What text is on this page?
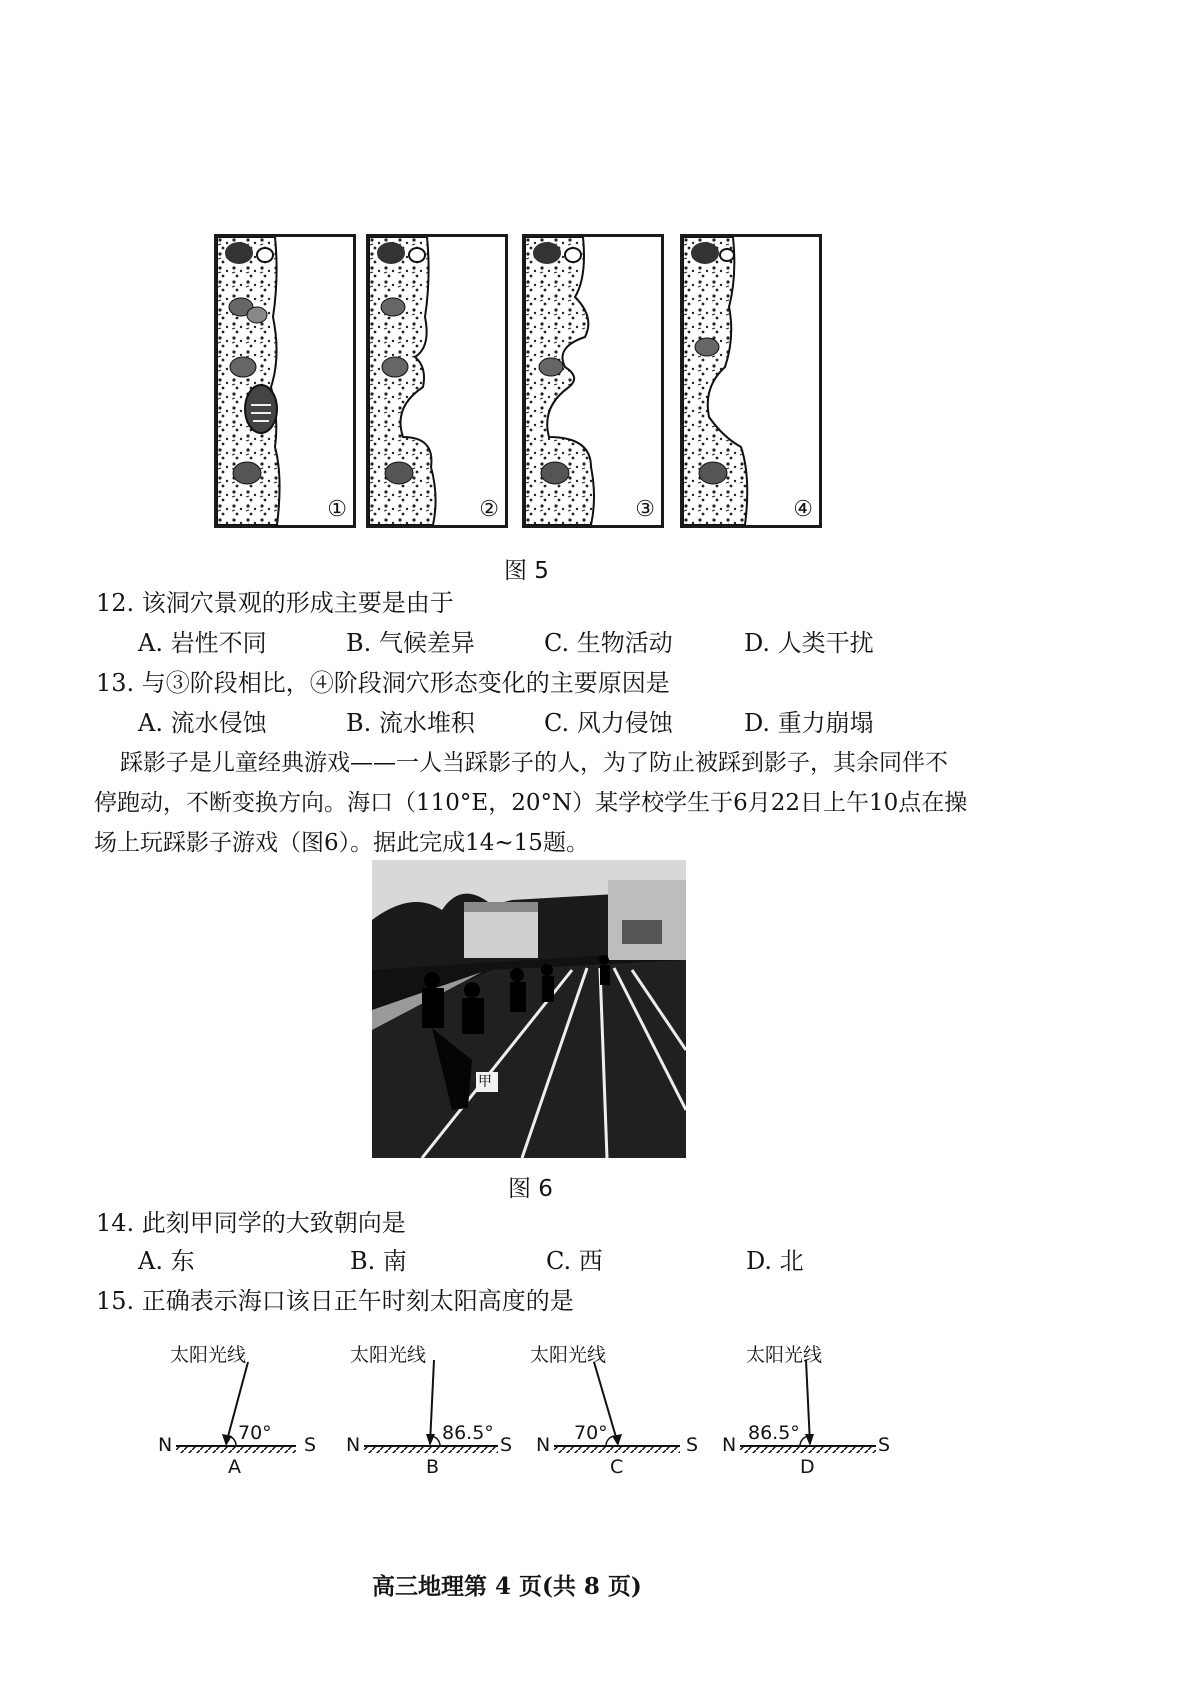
①	②	③	④
图 5
12. 该洞穴景观的形成主要是由于
A. 岩性不同	B. 气候差异	C. 生物活动	D. 人类干扰
13. 与③阶段相比，④阶段洞穴形态变化的主要原因是
A. 流水侵蚀	B. 流水堆积	C. 风力侵蚀	D. 重力崩塌
踩影子是儿童经典游戏——一人当踩影子的人，为了防止被踩到影子，其余同伴不
停跑动，不断变换方向。海口（110°E，20°N）某学校学生于6月22日上午10点在操
场上玩踩影子游戏（图6）。据此完成14~15题。
甲
图 6
14. 此刻甲同学的大致朝向是
A. 东	B. 南	C. 西	D. 北
15. 正确表示海口该日正午时刻太阳高度的是
太阳光线
70°
N	S
A
太阳光线
86.5°
N	S
B
太阳光线
70°
N	S
C
太阳光线
86.5°
N	S
D
高三地理第 4 页(共 8 页)
